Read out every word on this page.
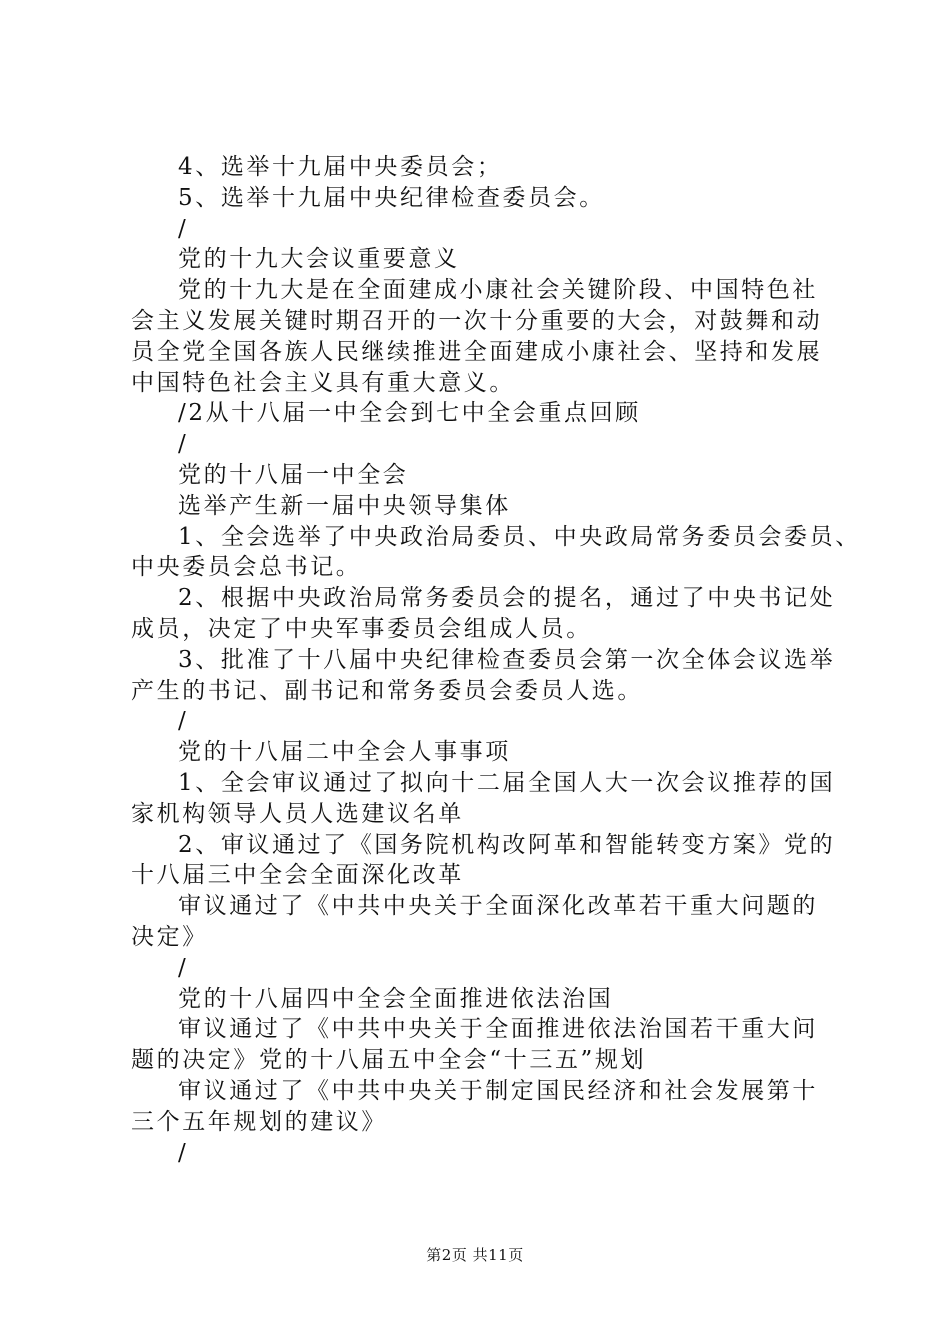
4、选举十九届中央委员会；

5、选举十九届中央纪律检查委员会。

/

党的十九大会议重要意义

党的十九大是在全面建成小康社会关键阶段、中国特色社

会主义发展关键时期召开的一次十分重要的大会，对鼓舞和动

员全党全国各族人民继续推进全面建成小康社会、坚持和发展

中国特色社会主义具有重大意义。

/2从十八届一中全会到七中全会重点回顾

/

党的十八届一中全会

选举产生新一届中央领导集体

1、全会选举了中央政治局委员、中央政局常务委员会委员、

中央委员会总书记。

2、根据中央政治局常务委员会的提名，通过了中央书记处

成员，决定了中央军事委员会组成人员。

3、批准了十八届中央纪律检查委员会第一次全体会议选举

产生的书记、副书记和常务委员会委员人选。

/

党的十八届二中全会人事事项

1、全会审议通过了拟向十二届全国人大一次会议推荐的国

家机构领导人员人选建议名单

2、审议通过了《国务院机构改阿革和智能转变方案》党的

十八届三中全会全面深化改革

审议通过了《中共中央关于全面深化改革若干重大问题的

决定》

/

党的十八届四中全会全面推进依法治国

审议通过了《中共中央关于全面推进依法治国若干重大问

题的决定》党的十八届五中全会“十三五”规划

审议通过了《中共中央关于制定国民经济和社会发展第十

三个五年规划的建议》

/

第2页 共11页
